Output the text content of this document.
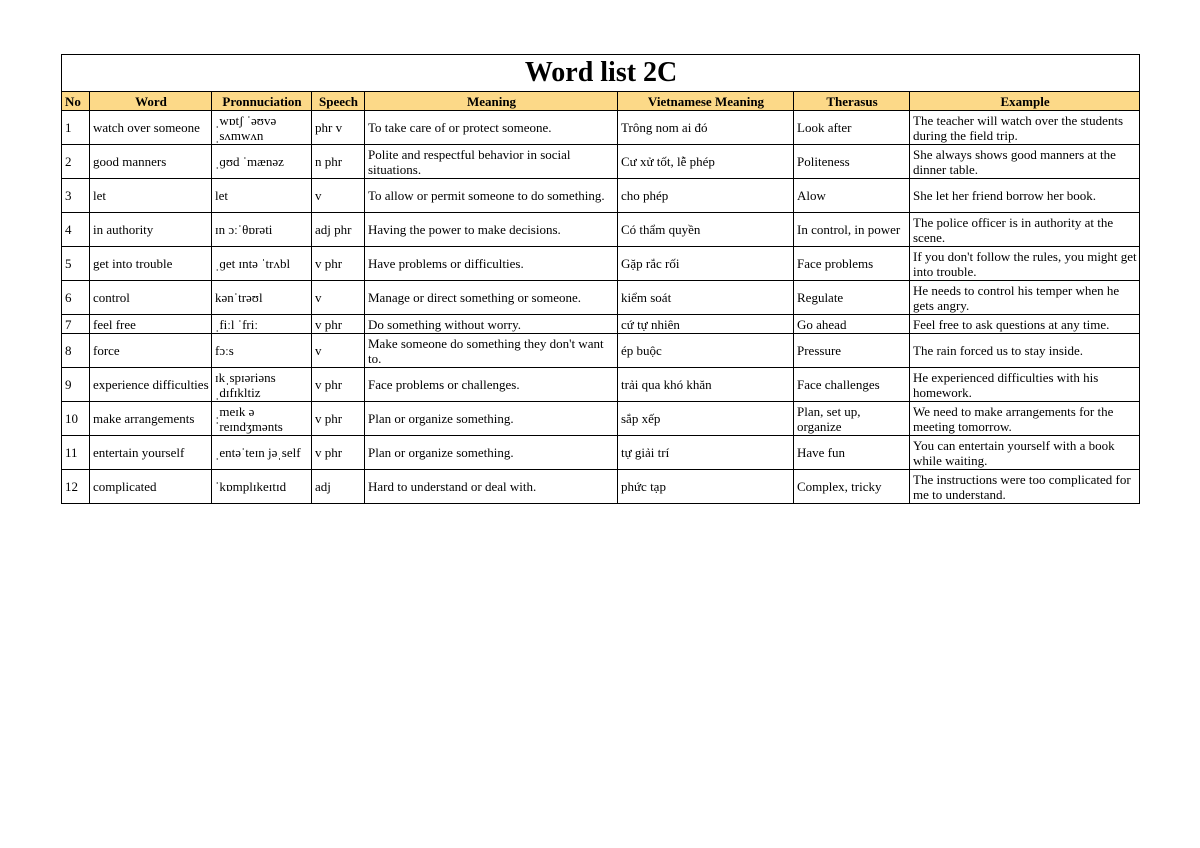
Word list 2C							
No	Word	Pronnuciation	Speech	Meaning	Vietnamese Meaning	Therasus	Example
1	watch over someone	ˌwɒtʃ ˈəʊvə ˌsʌmwʌn	phr v	To take care of or protect someone.	Trông nom ai đó	Look after	The teacher will watch over the students during the field trip.
2	good manners	ˌɡʊd ˈmænəz	n phr	Polite and respectful behavior in social situations.	Cư xử tốt, lễ phép	Politeness	She always shows good manners at the dinner table.
3	let	let	v	To allow or permit someone to do something.	cho phép	Alow	She let her friend borrow her book.
4	in authority	ɪn ɔːˈθɒrəti	adj phr	Having the power to make decisions.	Có thẩm quyền	In control, in power	The police officer is in authority at the scene.
5	get into trouble	ˌɡet ɪntə ˈtrʌbl	v phr	Have problems or difficulties.	Gặp rắc rối	Face problems	If you don't follow the rules, you might get into trouble.
6	control	kənˈtrəʊl	v	Manage or direct something or someone.	kiểm soát	Regulate	He needs to control his temper when he gets angry.
7	feel free	ˌfiːl ˈfriː	v phr	Do something without worry.	cứ tự nhiên	Go ahead	Feel free to ask questions at any time.
8	force	fɔːs	v	Make someone do something they don't want to.	ép buộc	Pressure	The rain forced us to stay inside.
9	experience difficulties	ɪkˌspɪəriəns ˌdɪfɪkltiz	v phr	Face problems or challenges.	trải qua khó khăn	Face challenges	He experienced difficulties with his homework.
10	make arrangements	ˌmeɪk əˈreɪndʒmənts	v phr	Plan or organize something.	sắp xếp	Plan, set up, organize	We need to make arrangements for the meeting tomorrow.
11	entertain yourself	ˌentəˈteɪn jəˌself	v phr	Plan or organize something.	tự giải trí	Have fun	You can entertain yourself with a book while waiting.
12	complicated	ˈkɒmplɪkeɪtɪd	adj	Hard to understand or deal with.	phức tạp	Complex, tricky	The instructions were too complicated for me to understand.
